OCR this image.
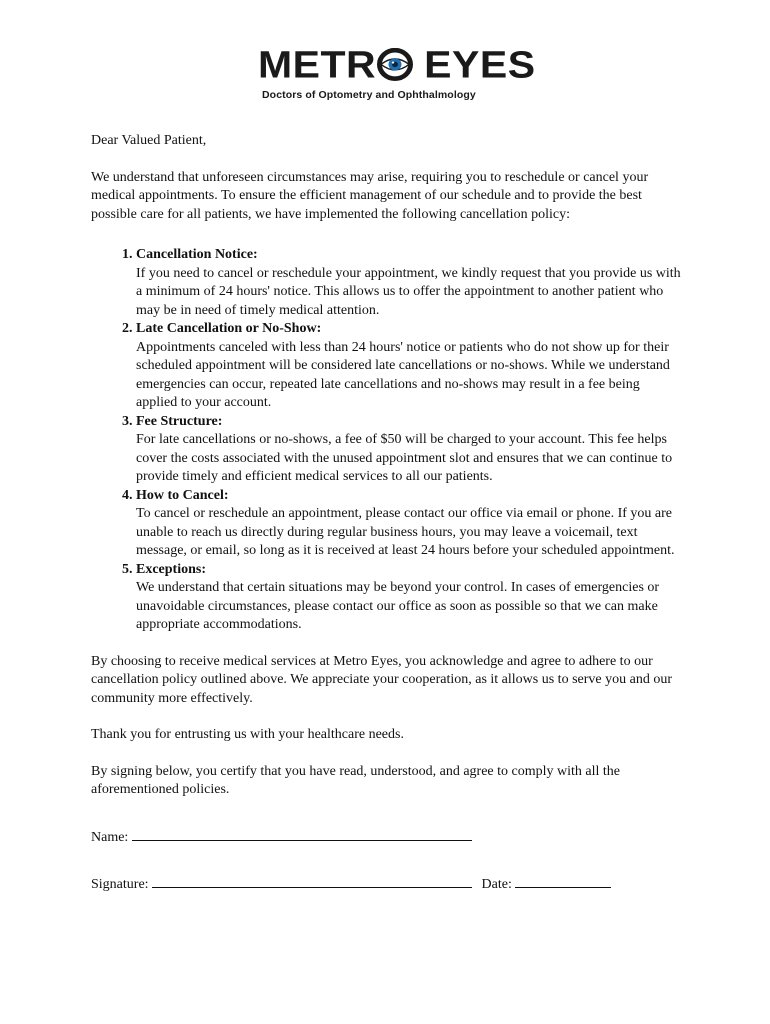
METR EYES
Doctors of Optometry and Ophthalmology

Dear Valued Patient,

We understand that unforeseen circumstances may arise, requiring you to reschedule or cancel your medical appointments. To ensure the efficient management of our schedule and to provide the best possible care for all patients, we have implemented the following cancellation policy:

1. Cancellation Notice:
If you need to cancel or reschedule your appointment, we kindly request that you provide us with a minimum of 24 hours' notice. This allows us to offer the appointment to another patient who may be in need of timely medical attention.
2. Late Cancellation or No-Show:
Appointments canceled with less than 24 hours' notice or patients who do not show up for their scheduled appointment will be considered late cancellations or no-shows. While we understand emergencies can occur, repeated late cancellations and no-shows may result in a fee being applied to your account.
3. Fee Structure:
For late cancellations or no-shows, a fee of $50 will be charged to your account. This fee helps cover the costs associated with the unused appointment slot and ensures that we can continue to provide timely and efficient medical services to all our patients.
4. How to Cancel:
To cancel or reschedule an appointment, please contact our office via email or phone. If you are unable to reach us directly during regular business hours, you may leave a voicemail, text message, or email, so long as it is received at least 24 hours before your scheduled appointment.
5. Exceptions:
We understand that certain situations may be beyond your control. In cases of emergencies or unavoidable circumstances, please contact our office as soon as possible so that we can make appropriate accommodations.

By choosing to receive medical services at Metro Eyes, you acknowledge and agree to adhere to our cancellation policy outlined above. We appreciate your cooperation, as it allows us to serve you and our community more effectively.

Thank you for entrusting us with your healthcare needs.

By signing below, you certify that you have read, understood, and agree to comply with all the aforementioned policies.

Name:
Signature:	Date:
